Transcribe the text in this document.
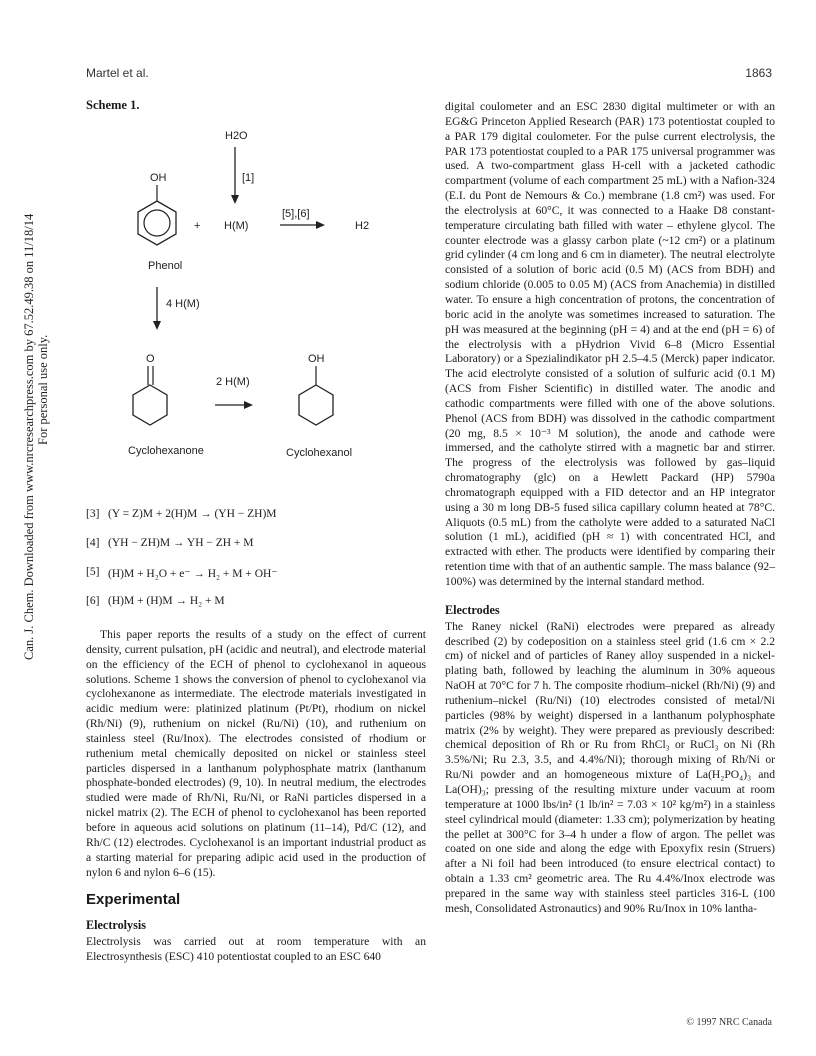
Martel et al.	1863
Can. J. Chem. Downloaded from www.nrcresearchpress.com by 67.52.49.38 on 11/18/14 For personal use only.
Scheme 1.
H2O
[1]
OH
Phenol
+ H(M)
[5],[6]
H2
4 H(M)
O
Cyclohexanone
2 H(M)
OH
Cyclohexanol
[3] (Y = Z)M + 2(H)M → (YH − ZH)M
[4] (YH − ZH)M → YH − ZH + M
[5] (H)M + H₂O + e⁻ → H₂ + M + OH⁻
[6] (H)M + (H)M → H₂ + M

This paper reports the results of a study on the effect of current density, current pulsation, pH (acidic and neutral), and electrode material on the efficiency of the ECH of phenol to cyclohexanol in aqueous solutions. Scheme 1 shows the conversion of phenol to cyclohexanol via cyclohexanone as intermediate. The electrode materials investigated in acidic medium were: platinized platinum (Pt/Pt), rhodium on nickel (Rh/Ni) (9), ruthenium on nickel (Ru/Ni) (10), and ruthenium on stainless steel (Ru/Inox). The electrodes consisted of rhodium or ruthenium metal chemically deposited on nickel or stainless steel particles dispersed in a lanthanum polyphosphate matrix (lanthanum phosphate-bonded electrodes) (9, 10). In neutral medium, the electrodes studied were made of Rh/Ni, Ru/Ni, or RaNi particles dispersed in a nickel matrix (2). The ECH of phenol to cyclohexanol has been reported before in aqueous acid solutions on platinum (11–14), Pd/C (12), and Rh/C (12) electrodes. Cyclohexanol is an important industrial product as a starting material for preparing adipic acid used in the production of nylon 6 and nylon 6–6 (15).

Experimental
Electrolysis

Electrolysis was carried out at room temperature with an Electrosynthesis (ESC) 410 potentiostat coupled to an ESC 640

digital coulometer and an ESC 2830 digital multimeter or with an EG&G Princeton Applied Research (PAR) 173 potentiostat coupled to a PAR 179 digital coulometer. For the pulse current electrolysis, the PAR 173 potentiostat coupled to a PAR 175 universal programmer was used. A two-compartment glass H-cell with a jacketed cathodic compartment (volume of each compartment 25 mL) with a Nafion-324 (E.I. du Pont de Nemours & Co.) membrane (1.8 cm²) was used. For the electrolysis at 60°C, it was connected to a Haake D8 constant-temperature circulating bath filled with water – ethylene glycol. The counter electrode was a glassy carbon plate (~12 cm²) or a platinum grid cylinder (4 cm long and 6 cm in diameter). The neutral electrolyte consisted of a solution of boric acid (0.5 M) (ACS from BDH) and sodium chloride (0.005 to 0.05 M) (ACS from Anachemia) in distilled water. To ensure a high concentration of protons, the concentration of boric acid in the anolyte was sometimes increased to saturation. The pH was measured at the beginning (pH = 4) and at the end (pH = 6) of the electrolysis with a pHydrion Vivid 6–8 (Micro Essential Laboratory) or a Spezialindikator pH 2.5–4.5 (Merck) paper indicator. The acid electrolyte consisted of a solution of sulfuric acid (0.1 M) (ACS from Fisher Scientific) in distilled water. The anodic and cathodic compartments were filled with one of the above solutions. Phenol (ACS from BDH) was dissolved in the cathodic compartment (20 mg, 8.5 × 10⁻³ M solution), the anode and cathode were immersed, and the catholyte stirred with a magnetic bar and stirrer. The progress of the electrolysis was followed by gas–liquid chromatography (glc) on a Hewlett Packard (HP) 5790a chromatograph equipped with a FID detector and an HP integrator using a 30 m long DB-5 fused silica capillary column heated at 78°C. Aliquots (0.5 mL) from the catholyte were added to a saturated NaCl solution (1 mL), acidified (pH ≈ 1) with concentrated HCl, and extracted with ether. The products were identified by comparing their retention time with that of an authentic sample. The mass balance (92–100%) was determined by the internal standard method.

Electrodes

The Raney nickel (RaNi) electrodes were prepared as already described (2) by codeposition on a stainless steel grid (1.6 cm × 2.2 cm) of nickel and of particles of Raney alloy suspended in a nickel-plating bath, followed by leaching the aluminum in 30% aqueous NaOH at 70°C for 7 h. The composite rhodium–nickel (Rh/Ni) (9) and ruthenium–nickel (Ru/Ni) (10) electrodes consisted of metal/Ni particles (98% by weight) dispersed in a lanthanum polyphosphate matrix (2% by weight). They were prepared as previously described: chemical deposition of Rh or Ru from RhCl₃ or RuCl₃ on Ni (Rh 3.5%/Ni; Ru 2.3, 3.5, and 4.4%/Ni); thorough mixing of Rh/Ni or Ru/Ni powder and an homogeneous mixture of La(H₂PO₄)₃ and La(OH)₃; pressing of the resulting mixture under vacuum at room temperature at 1000 lbs/in² (1 lb/in² = 7.03 × 10² kg/m²) in a stainless steel cylindrical mould (diameter: 1.33 cm); polymerization by heating the pellet at 300°C for 3–4 h under a flow of argon. The pellet was coated on one side and along the edge with Epoxyfix resin (Struers) after a Ni foil had been introduced (to ensure electrical contact) to obtain a 1.33 cm² geometric area. The Ru 4.4%/Inox electrode was prepared in the same way with stainless steel particles 316-L (100 mesh, Consolidated Astronautics) and 90% Ru/Inox in 10% lantha-

© 1997 NRC Canada
